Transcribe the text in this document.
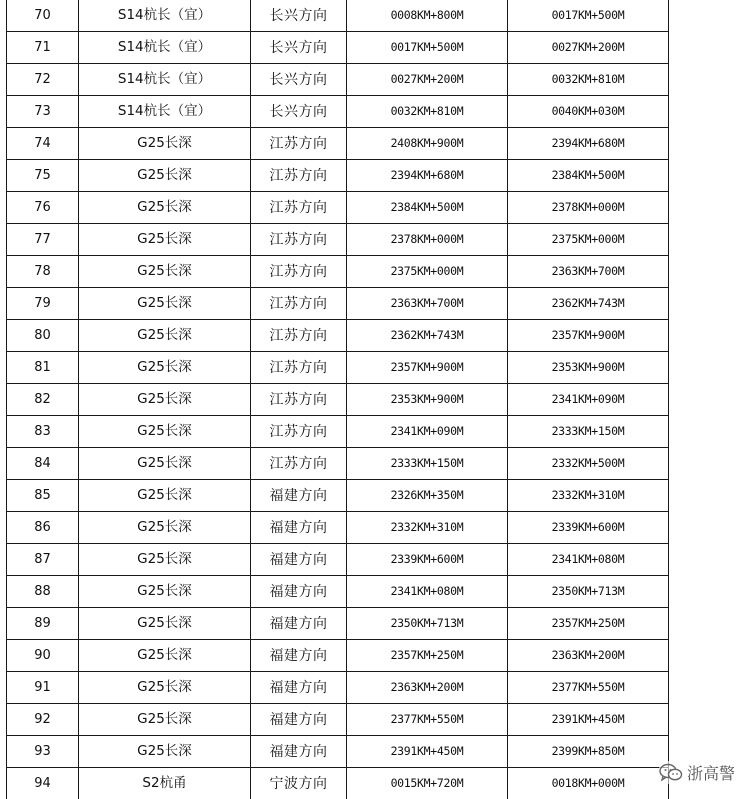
70	S14杭长（宜）	长兴方向	0008KM+800M	0017KM+500M
71	S14杭长（宜）	长兴方向	0017KM+500M	0027KM+200M
72	S14杭长（宜）	长兴方向	0027KM+200M	0032KM+810M
73	S14杭长（宜）	长兴方向	0032KM+810M	0040KM+030M
74	G25长深	江苏方向	2408KM+900M	2394KM+680M
75	G25长深	江苏方向	2394KM+680M	2384KM+500M
76	G25长深	江苏方向	2384KM+500M	2378KM+000M
77	G25长深	江苏方向	2378KM+000M	2375KM+000M
78	G25长深	江苏方向	2375KM+000M	2363KM+700M
79	G25长深	江苏方向	2363KM+700M	2362KM+743M
80	G25长深	江苏方向	2362KM+743M	2357KM+900M
81	G25长深	江苏方向	2357KM+900M	2353KM+900M
82	G25长深	江苏方向	2353KM+900M	2341KM+090M
83	G25长深	江苏方向	2341KM+090M	2333KM+150M
84	G25长深	江苏方向	2333KM+150M	2332KM+500M
85	G25长深	福建方向	2326KM+350M	2332KM+310M
86	G25长深	福建方向	2332KM+310M	2339KM+600M
87	G25长深	福建方向	2339KM+600M	2341KM+080M
88	G25长深	福建方向	2341KM+080M	2350KM+713M
89	G25长深	福建方向	2350KM+713M	2357KM+250M
90	G25长深	福建方向	2357KM+250M	2363KM+200M
91	G25长深	福建方向	2363KM+200M	2377KM+550M
92	G25长深	福建方向	2377KM+550M	2391KM+450M
93	G25长深	福建方向	2391KM+450M	2399KM+850M
94	S2杭甬	宁波方向	0015KM+720M	0018KM+000M	浙高警
